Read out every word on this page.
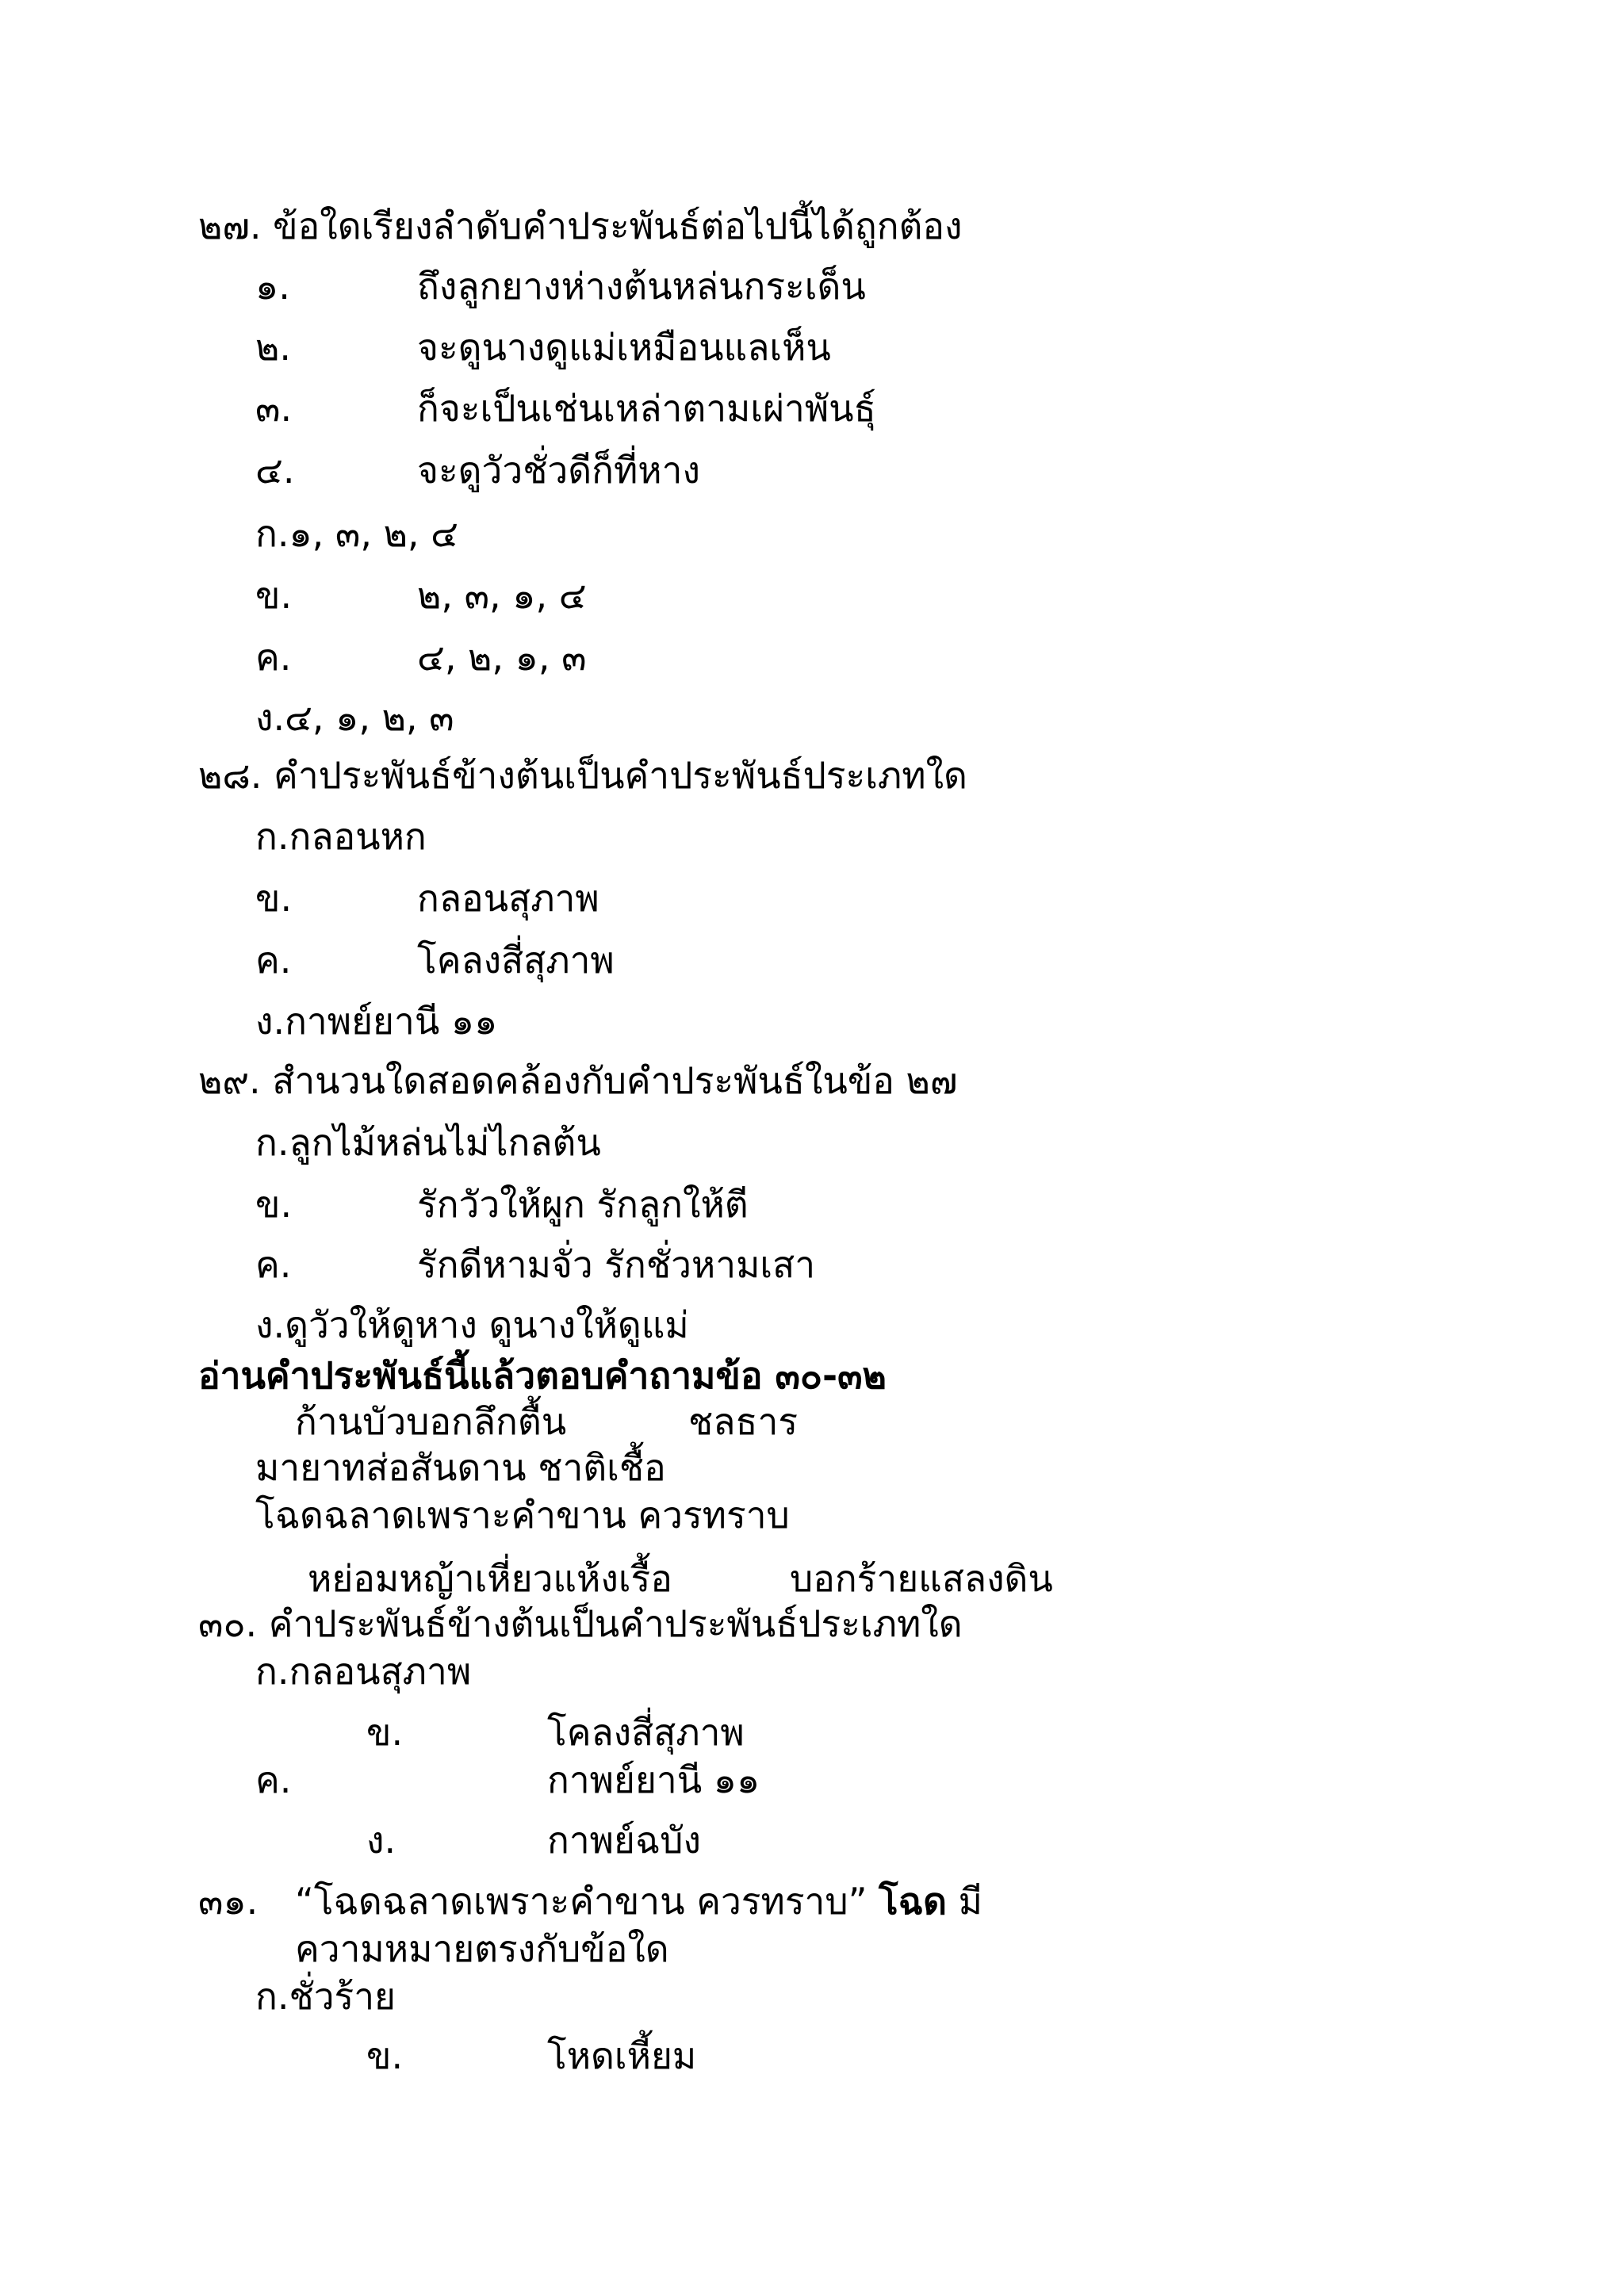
๒๗. ข้อใดเรียงลำดับคำประพันธ์ต่อไปนี้ได้ถูกต้อง
๑.	ถึงลูกยางห่างต้นหล่นกระเด็น
๒.	จะดูนางดูแม่เหมือนแลเห็น
๓.	ก็จะเป็นเช่นเหล่าตามเผ่าพันธุ์
๔.	จะดูวัวชั่วดีก็ที่หาง
ก.๑, ๓, ๒, ๔
ข.	๒, ๓, ๑, ๔
ค.	๔, ๒, ๑, ๓
ง.๔, ๑, ๒, ๓
๒๘. คำประพันธ์ข้างต้นเป็นคำประพันธ์ประเภทใด
ก.กลอนหก
ข.	กลอนสุภาพ
ค.	โคลงสี่สุภาพ
ง.กาพย์ยานี ๑๑
๒๙. สำนวนใดสอดคล้องกับคำประพันธ์ในข้อ ๒๗
ก.ลูกไม้หล่นไม่ไกลต้น
ข.	รักวัวให้ผูก รักลูกให้ตี
ค.	รักดีหามจั่ว รักชั่วหามเสา
ง.ดูวัวให้ดูหาง ดูนางให้ดูแม่
อ่านคำประพันธ์นี้แล้วตอบคำถามข้อ ๓๐-๓๒
ก้านบัวบอกลึกตื้น	ชลธาร
มายาทส่อสันดาน ชาติเชื้อ
โฉดฉลาดเพราะคำขาน ควรทราบ
หย่อมหญ้าเหี่ยวแห้งเรื้อ	บอกร้ายแสลงดิน
๓๐. คำประพันธ์ข้างต้นเป็นคำประพันธ์ประเภทใด
ก.กลอนสุภาพ
ข.	โคลงสี่สุภาพ
ค.	กาพย์ยานี ๑๑
ง.	กาพย์ฉบัง
๓๑. “โฉดฉลาดเพราะคำขาน ควรทราบ” โฉด มี
ความหมายตรงกับข้อใด
ก.ชั่วร้าย
ข.	โหดเหี้ยม
